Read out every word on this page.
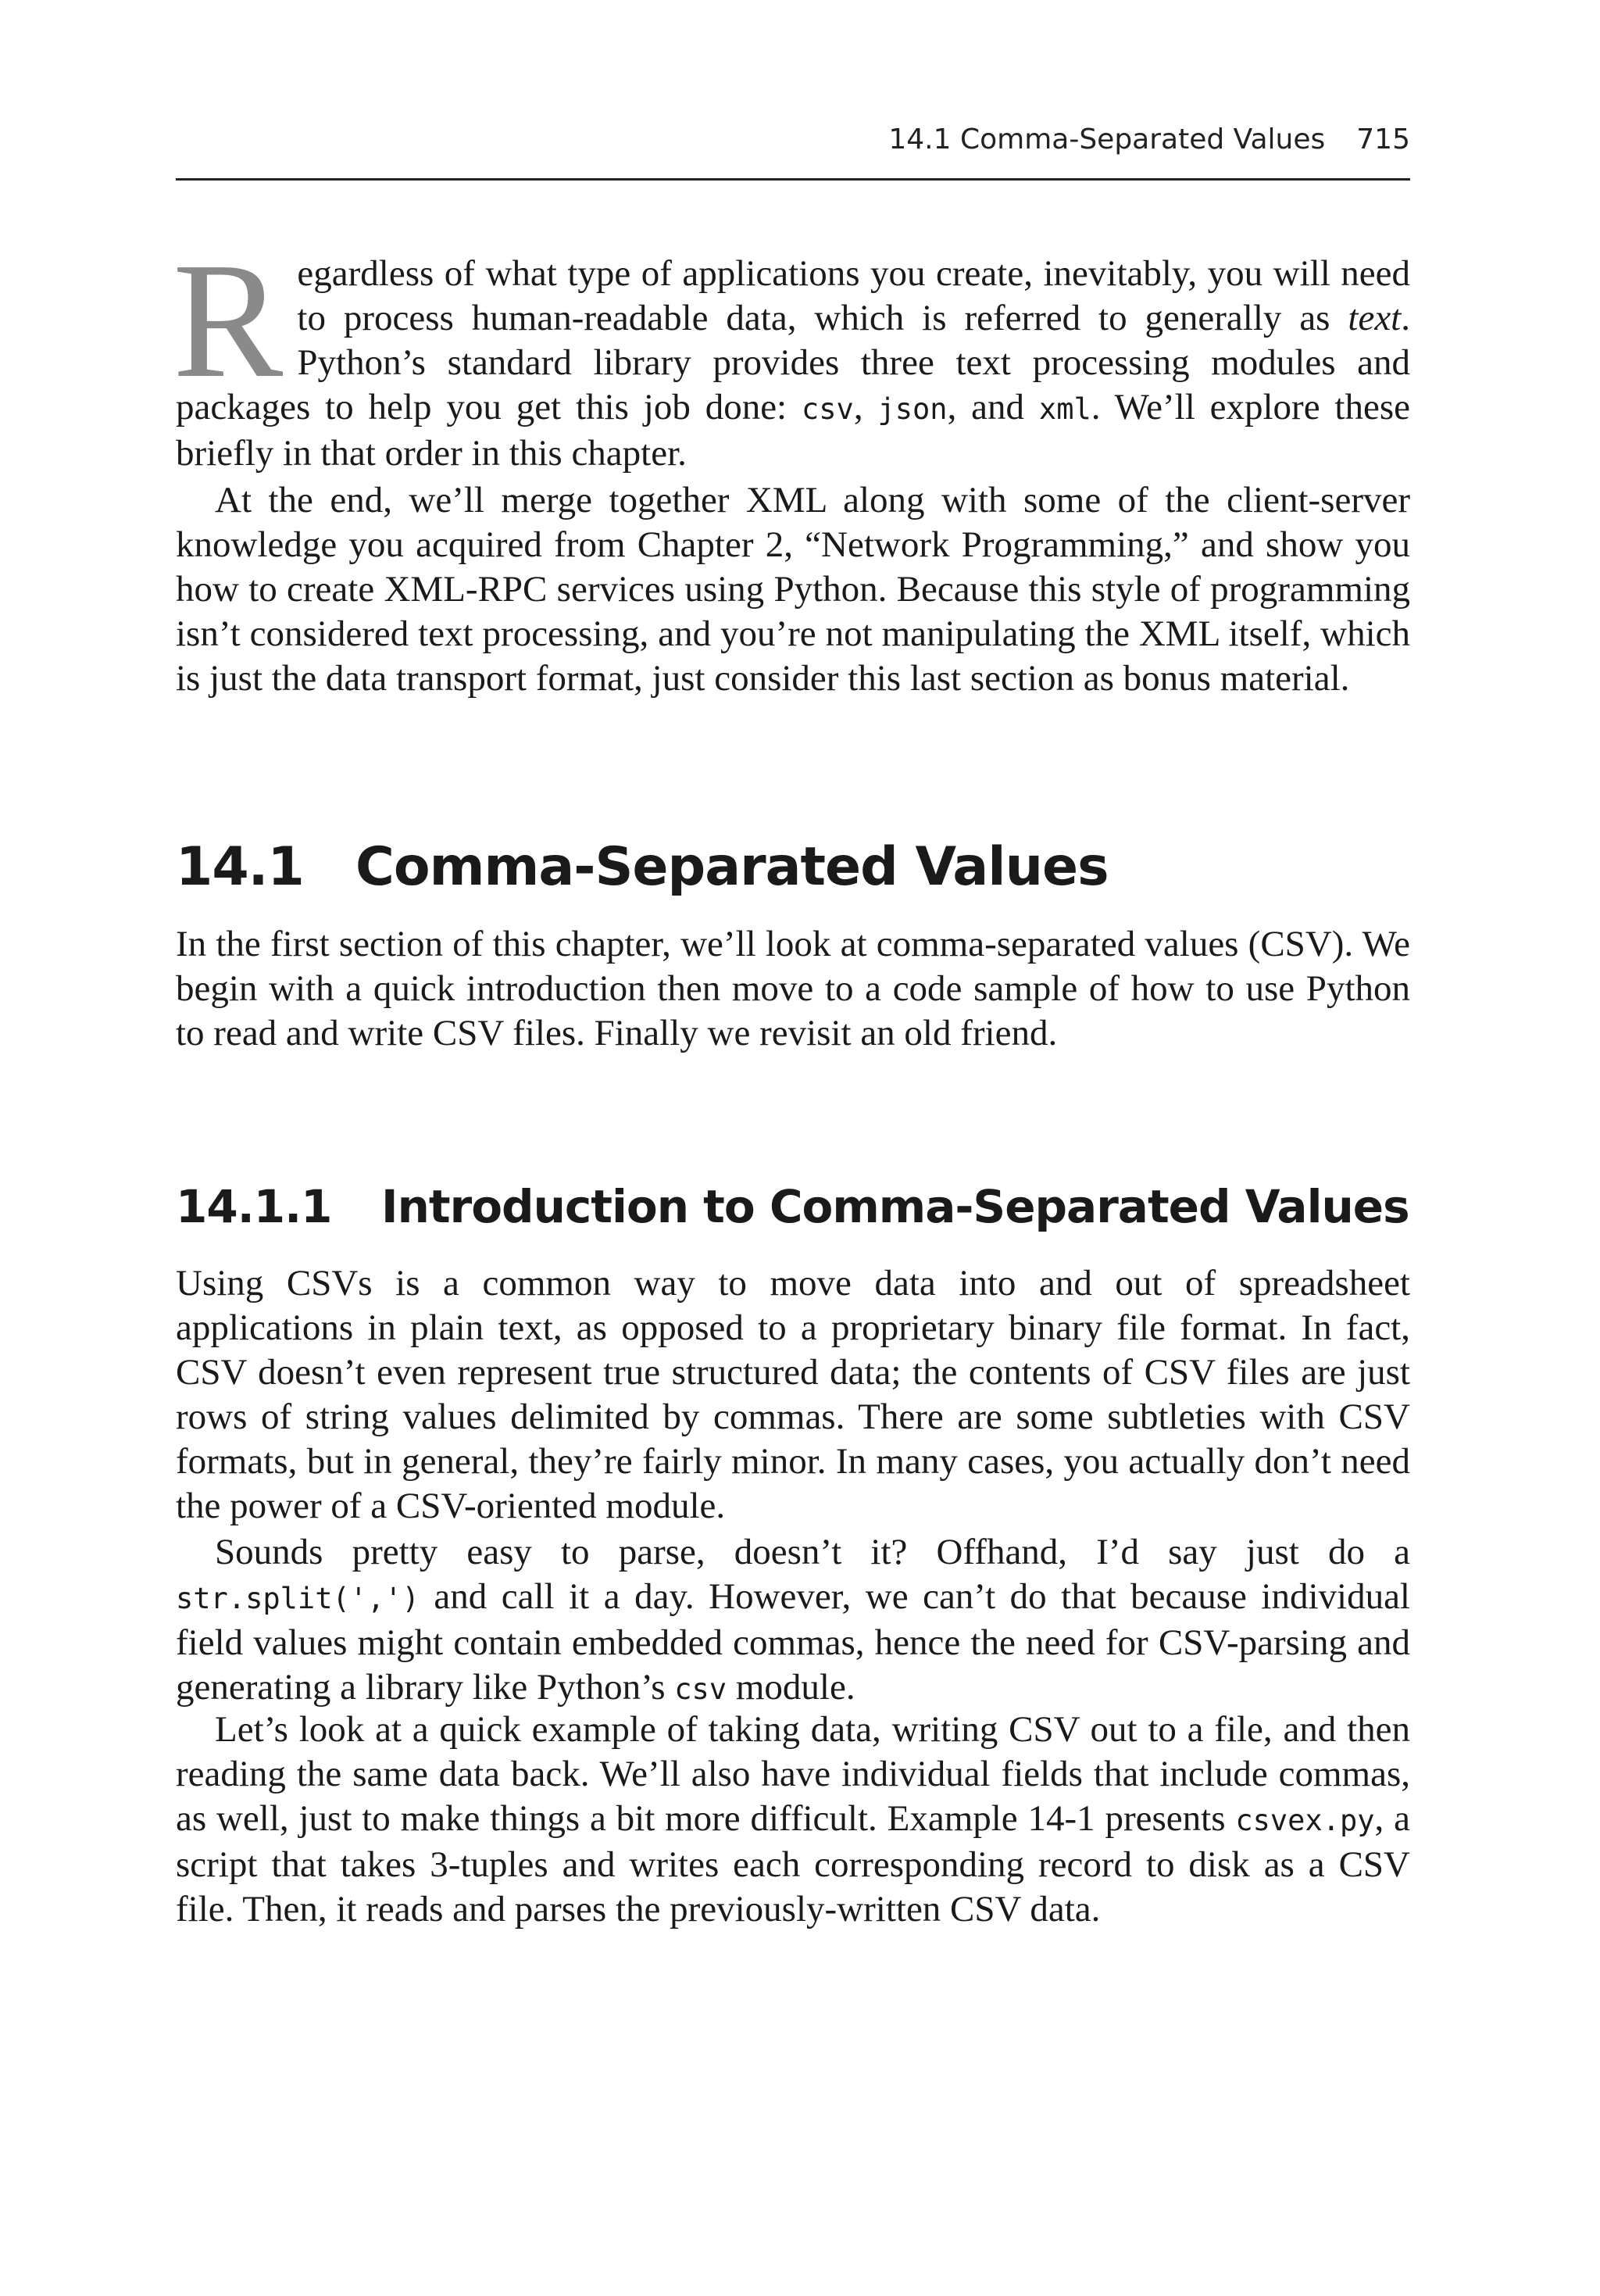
14.1 Comma-Separated Values 715

Regardless of what type of applications you create, inevitably, you will need to process human-readable data, which is referred to generally as text. Python’s standard library provides three text processing modules and packages to help you get this job done: csv, json, and xml. We’ll explore these briefly in that order in this chapter.

At the end, we’ll merge together XML along with some of the client-server knowledge you acquired from Chapter 2, “Network Programming,” and show you how to create XML-RPC services using Python. Because this style of programming isn’t considered text processing, and you’re not manipulating the XML itself, which is just the data transport format, just consider this last section as bonus material.

14.1 Comma-Separated Values

In the first section of this chapter, we’ll look at comma-separated values (CSV). We begin with a quick introduction then move to a code sample of how to use Python to read and write CSV files. Finally we revisit an old friend.

14.1.1 Introduction to Comma-Separated Values

Using CSVs is a common way to move data into and out of spreadsheet applications in plain text, as opposed to a proprietary binary file format. In fact, CSV doesn’t even represent true structured data; the contents of CSV files are just rows of string values delimited by commas. There are some subtleties with CSV formats, but in general, they’re fairly minor. In many cases, you actually don’t need the power of a CSV-oriented module.

Sounds pretty easy to parse, doesn’t it? Offhand, I’d say just do a str.split(',') and call it a day. However, we can’t do that because individual field values might contain embedded commas, hence the need for CSV-parsing and generating a library like Python’s csv module.

Let’s look at a quick example of taking data, writing CSV out to a file, and then reading the same data back. We’ll also have individual fields that include commas, as well, just to make things a bit more difficult. Example 14-1 presents csvex.py, a script that takes 3-tuples and writes each corresponding record to disk as a CSV file. Then, it reads and parses the previously-written CSV data.
